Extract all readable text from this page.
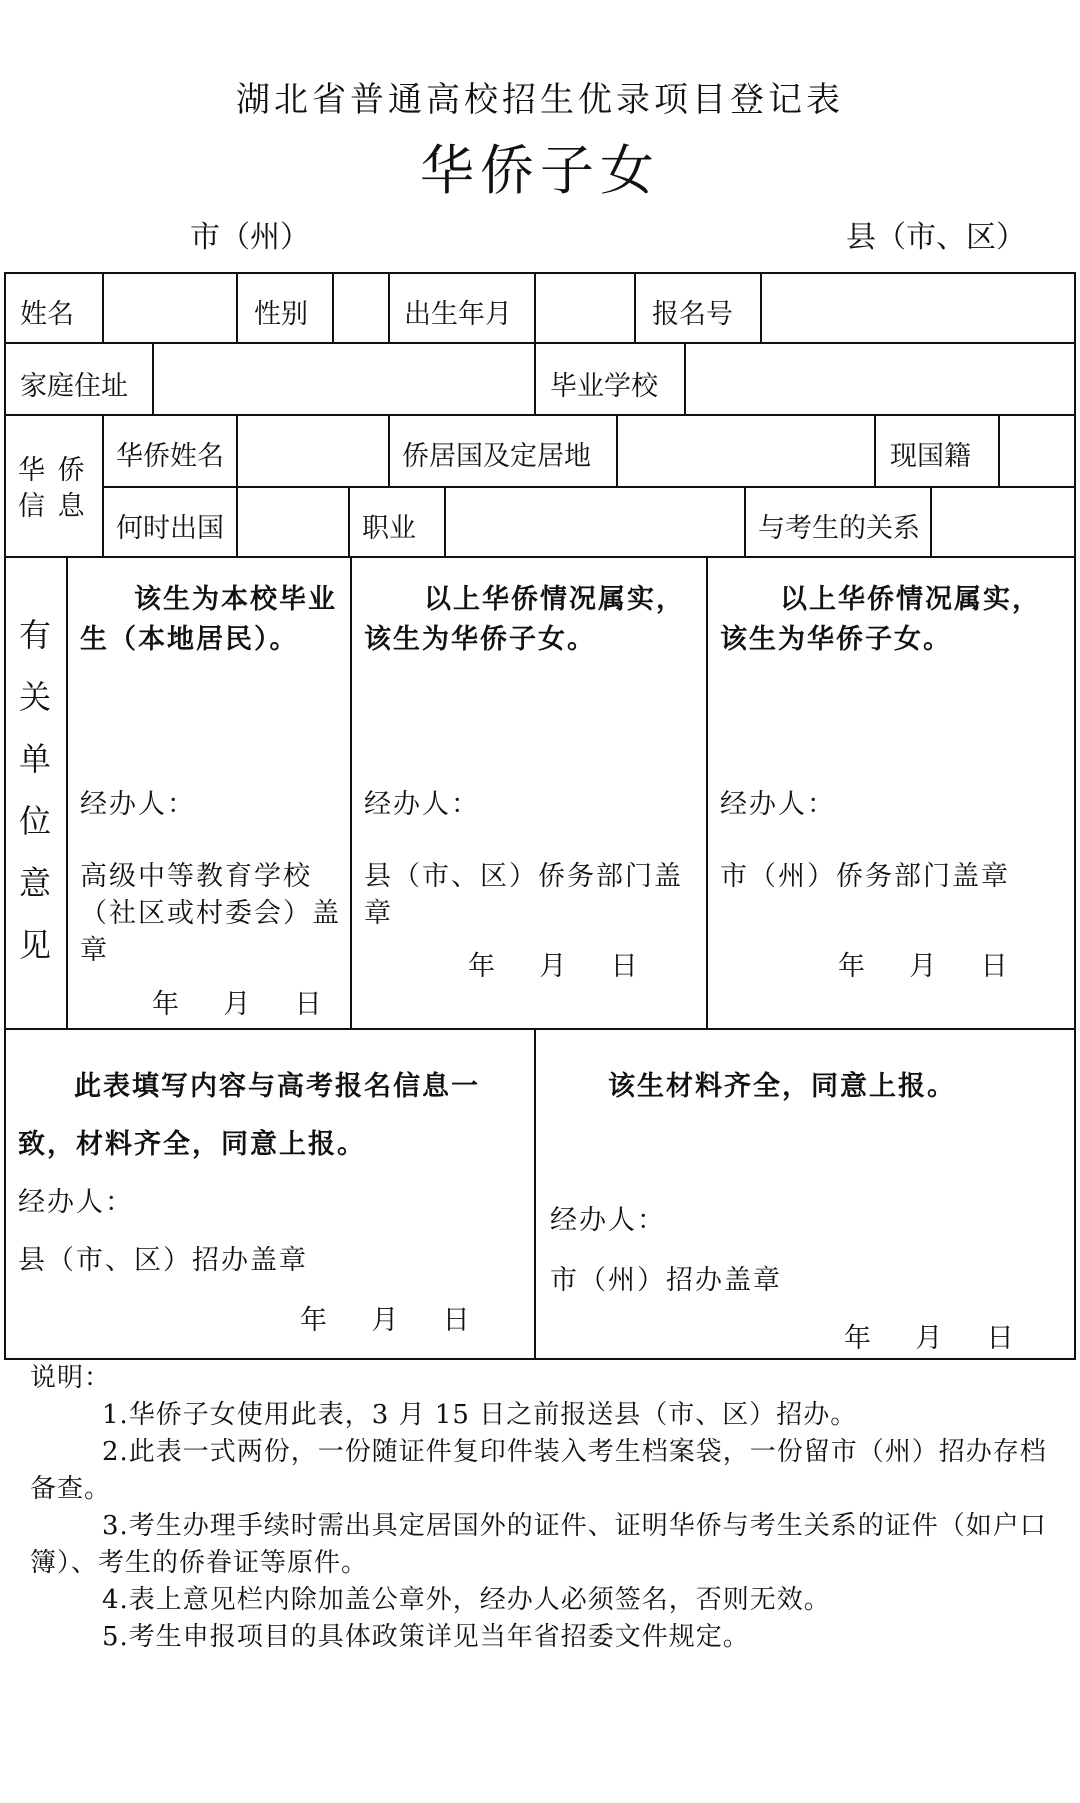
湖北省普通高校招生优录项目登记表
华侨子女
市（州）	县（市、区）
姓名	性别	出生年月	报名号
家庭住址	毕业学校
华 侨
信 息
华侨姓名	侨居国及定居地	现国籍
何时出国	职业	与考生的关系
有
关
单
位
意
见
该生为本校毕业生（本地居民）。
经办人：
高级中等教育学校（社区或村委会）盖章
年    月    日
以上华侨情况属实，该生为华侨子女。
经办人：
县（市、区）侨务部门盖章
年    月    日
以上华侨情况属实，该生为华侨子女。
经办人：
市（州）侨务部门盖章
年    月    日
此表填写内容与高考报名信息一致，材料齐全，同意上报。
经办人：
县（市、区）招办盖章
年    月    日
该生材料齐全，同意上报。
经办人：
市（州）招办盖章
年    月    日

说明：

1.华侨子女使用此表，3 月 15 日之前报送县（市、区）招办。

2.此表一式两份，一份随证件复印件装入考生档案袋，一份留市（州）招办存档备查。

3.考生办理手续时需出具定居国外的证件、证明华侨与考生关系的证件（如户口簿）、考生的侨眷证等原件。

4.表上意见栏内除加盖公章外，经办人必须签名，否则无效。

5.考生申报项目的具体政策详见当年省招委文件规定。
